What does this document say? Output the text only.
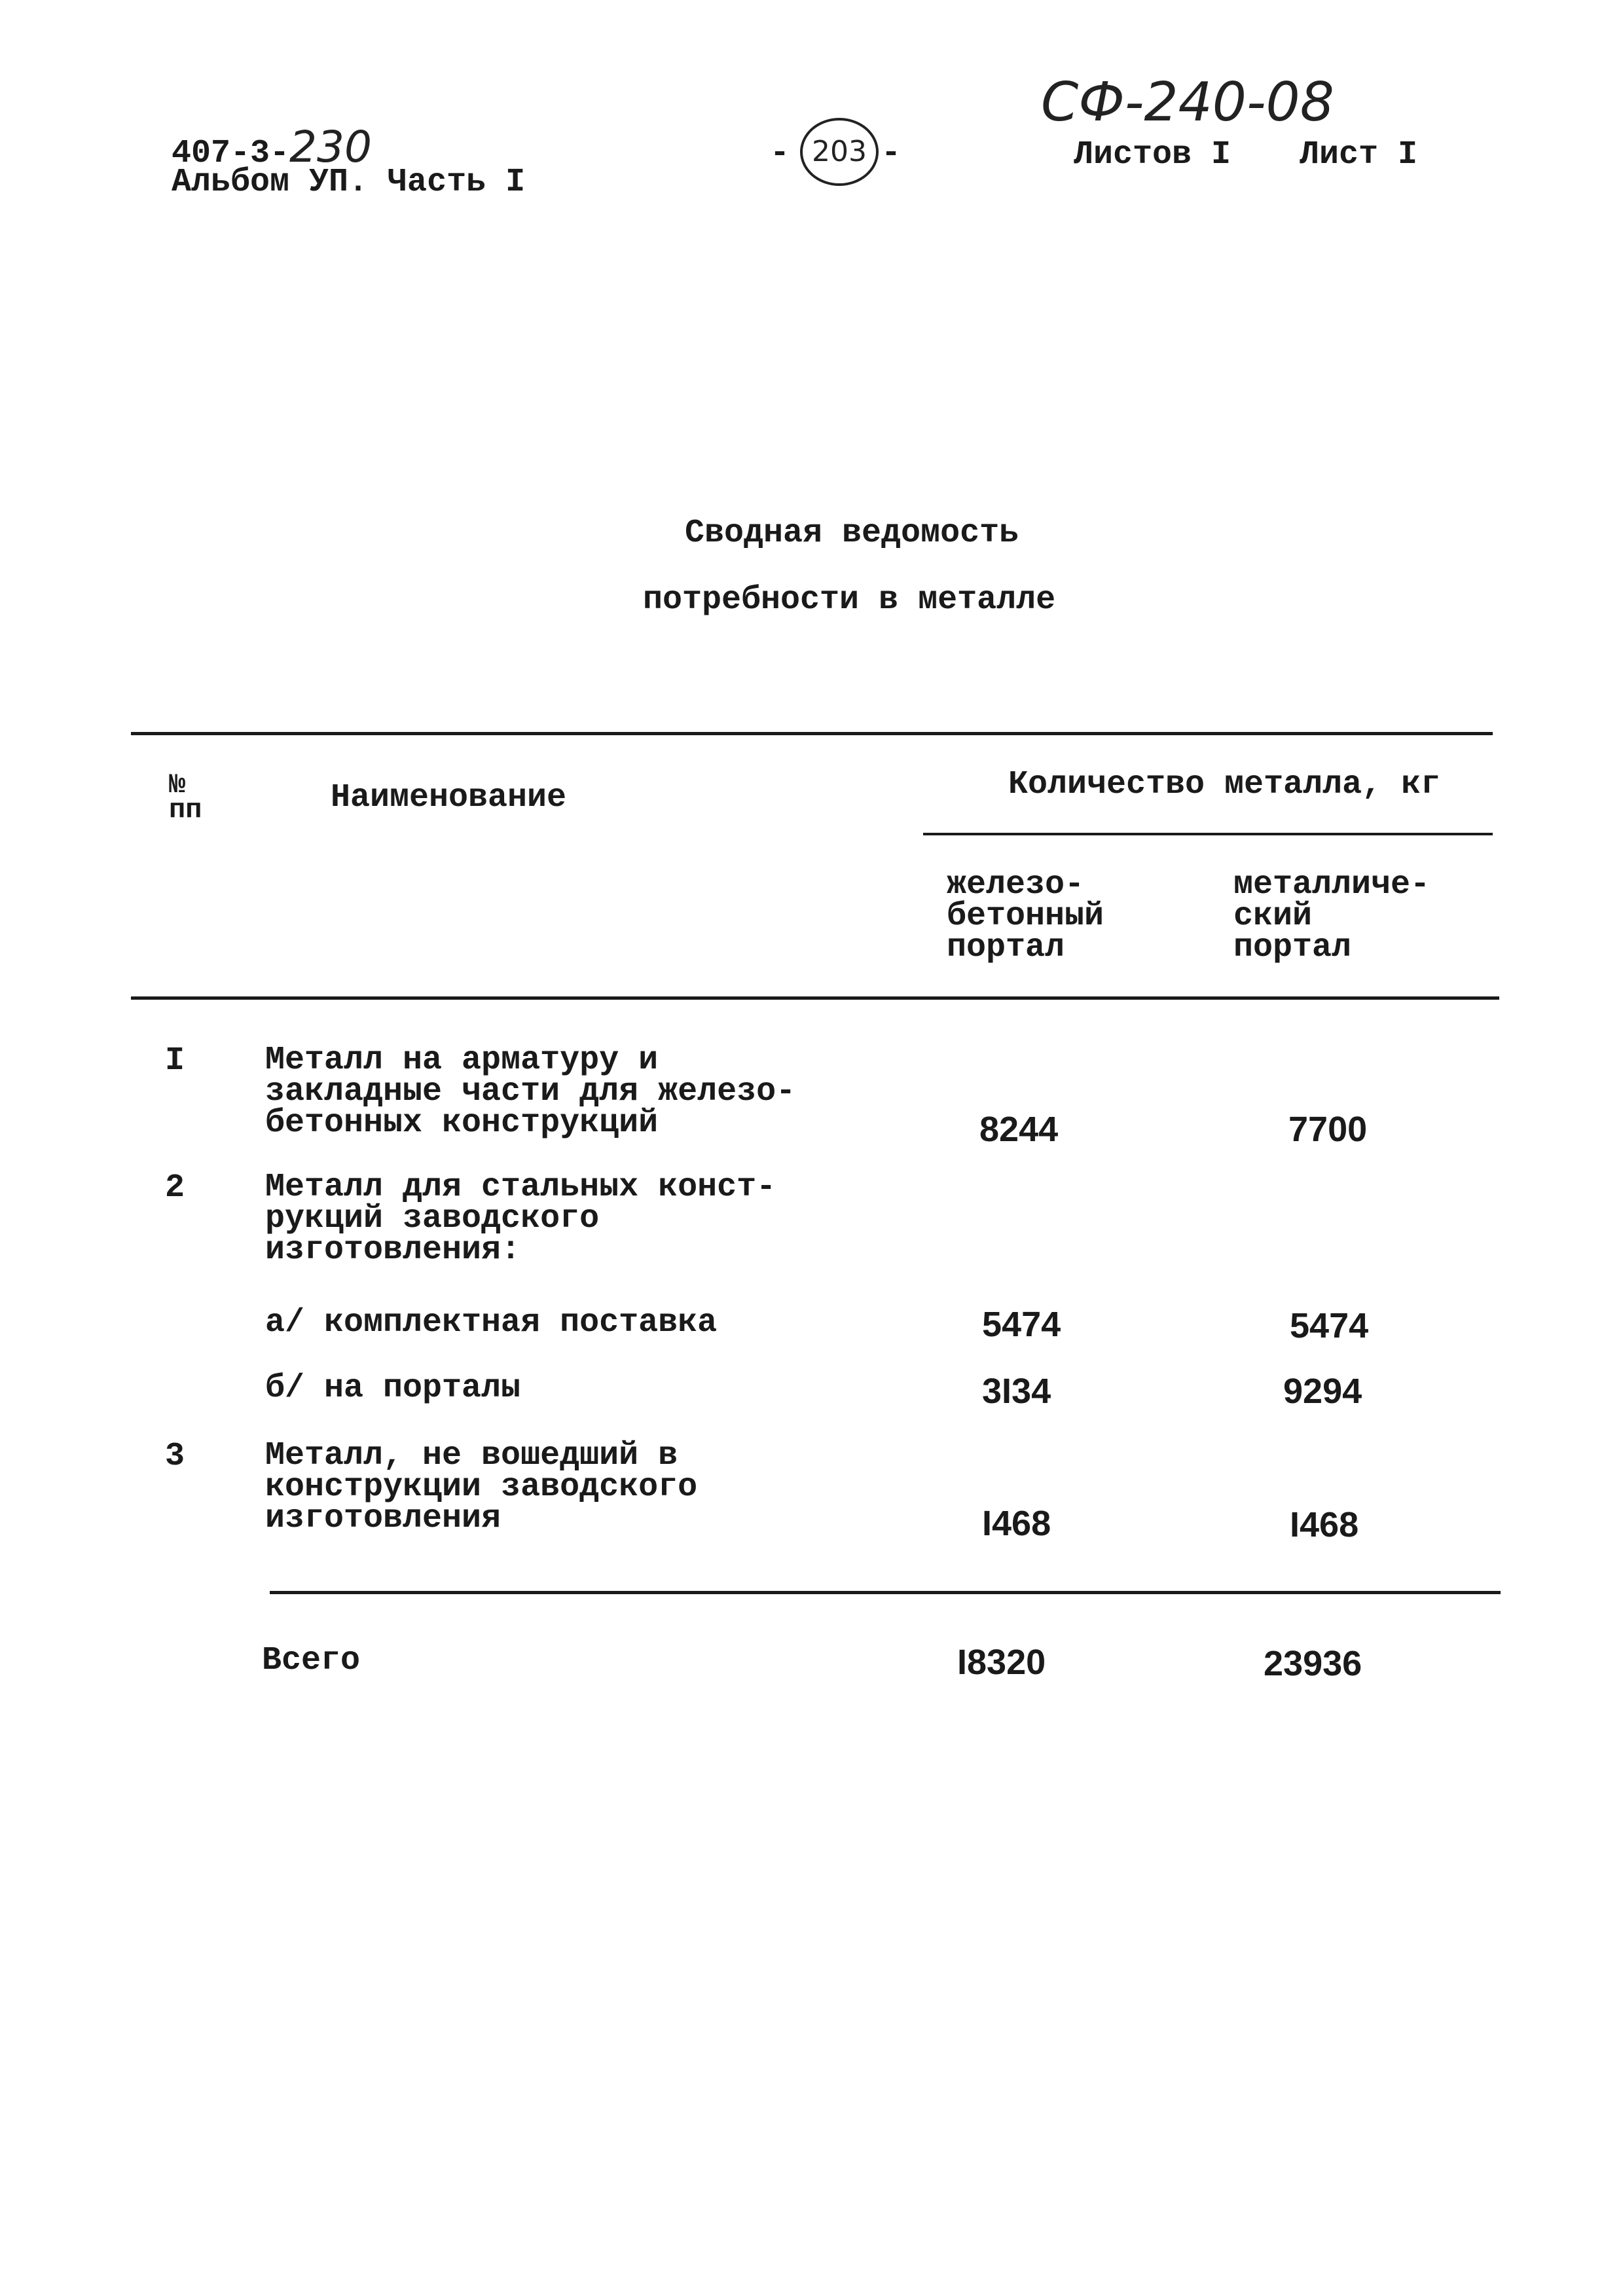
407-3-230
Альбом УП. Часть I
- 203 -
СФ-240-08
Листов I Лист I
Сводная ведомость
потребности в металле
№
пп	Наименование	Количество металла, кг
железо-
бетонный
портал
металличе-
ский
портал
I Металл на арматуру и
закладные части для железо-
бетонных конструкций	8244	7700
2 Металл для стальных конст-
рукций заводского
изготовления:
а/ комплектная поставка	5474	5474
б/ на порталы	3I34	9294
3 Металл, не вошедший в
конструкции заводского
изготовления	I468	I468
Всего	I8320	23936
